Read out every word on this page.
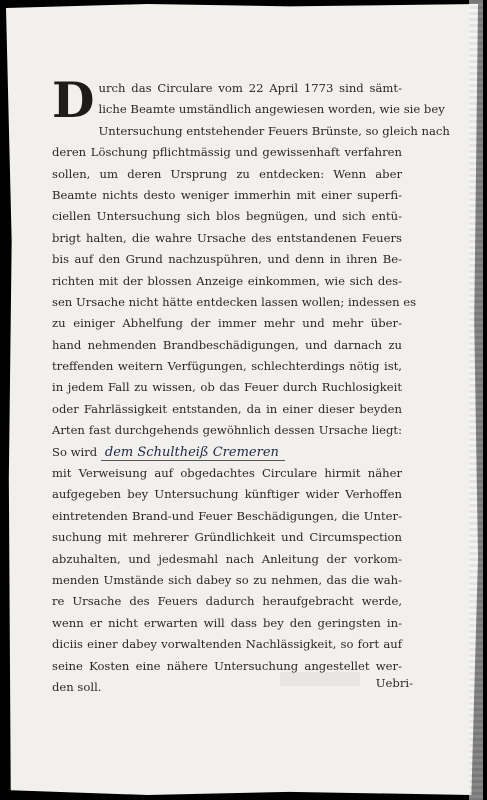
D urch das Circulare vom 22 April 1773 sind sämt-
liche Beamte umständlich angewiesen worden, wie sie bey
Untersuchung entstehender Feuers Brünste, so gleich nach
deren Löschung pflichtmässig und gewissenhaft verfahren
sollen, um deren Ursprung zu entdecken: Wenn aber
Beamte nichts desto weniger immerhin mit einer superfi-
ciellen Untersuchung sich blos begnügen, und sich entü-
brigt halten, die wahre Ursache des entstandenen Feuers
bis auf den Grund nachzuspühren, und denn in ihren Be-
richten mit der blossen Anzeige einkommen, wie sich des-
sen Ursache nicht hätte entdecken lassen wollen; indessen es
zu einiger Abhelfung der immer mehr und mehr über-
hand nehmenden Brandbeschädigungen, und darnach zu
treffenden weitern Verfügungen, schlechterdings nötig ist,
in jedem Fall zu wissen, ob das Feuer durch Ruchlosigkeit
oder Fahrlässigkeit entstanden, da in einer dieser beyden
Arten fast durchgehends gewöhnlich dessen Ursache liegt:
So wird dem Schultheiß Cremeren
mit Verweisung auf obgedachtes Circulare hirmit näher
aufgegeben bey Untersuchung künftiger wider Verhoffen
eintretenden Brand-und Feuer Beschädigungen, die Unter-
suchung mit mehrerer Gründlichkeit und Circumspection
abzuhalten, und jedesmahl nach Anleitung der vorkom-
menden Umstände sich dabey so zu nehmen, das die wah-
re Ursache des Feuers dadurch heraufgebracht werde,
wenn er nicht erwarten will dass bey den geringsten in-
diciis einer dabey vorwaltenden Nachlässigkeit, so fort auf
seine Kosten eine nähere Untersuchung angestellet wer-
den soll.	Uebri-
